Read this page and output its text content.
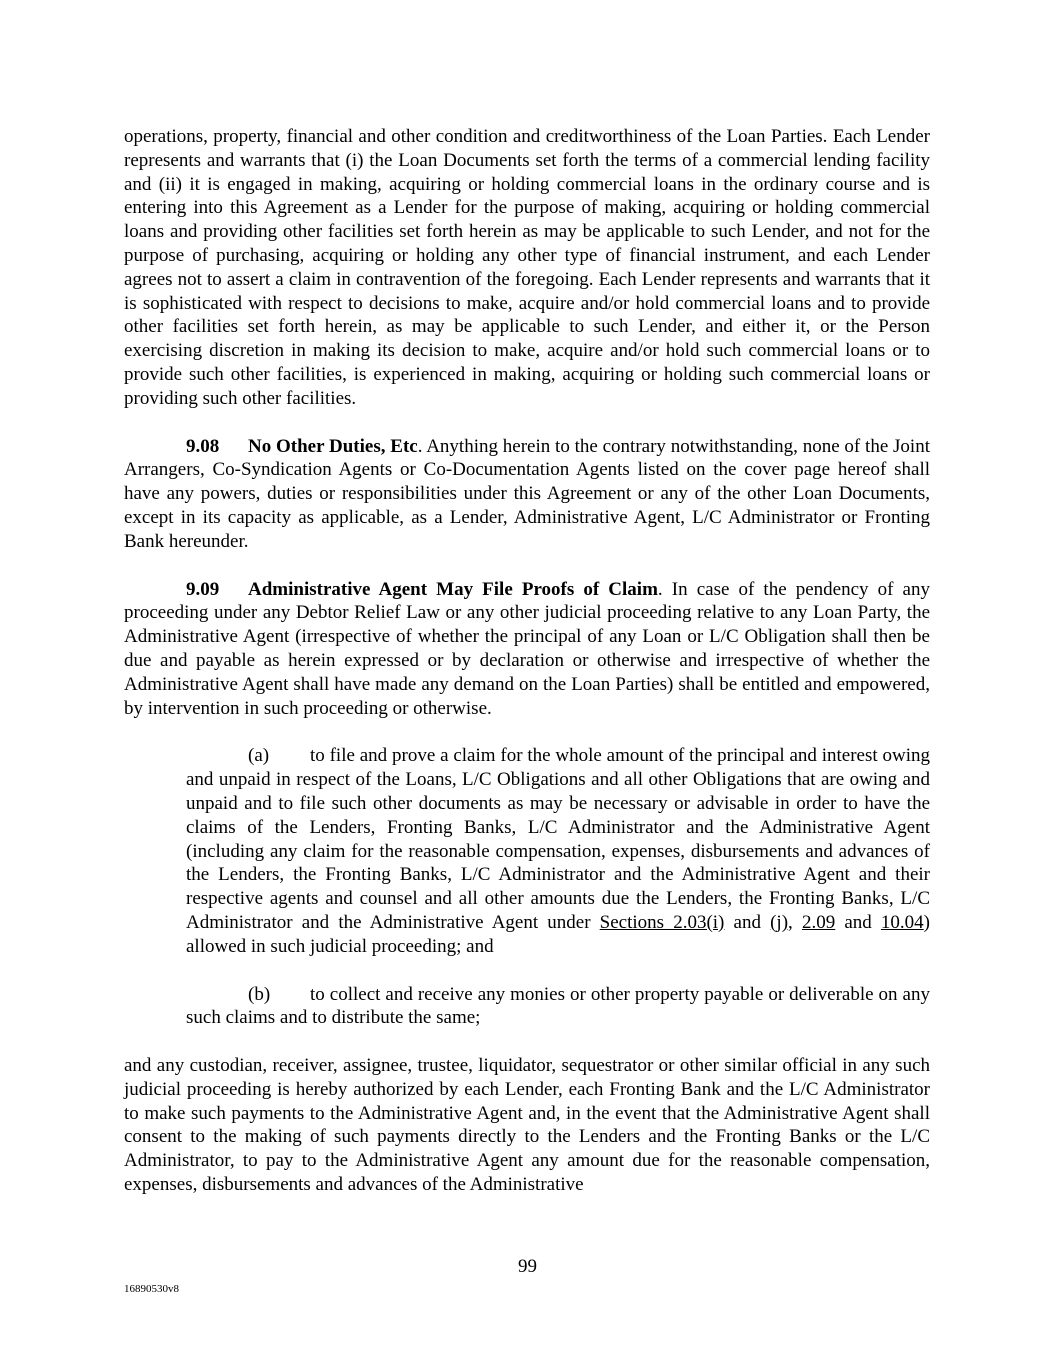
operations, property, financial and other condition and creditworthiness of the Loan Parties. Each Lender represents and warrants that (i) the Loan Documents set forth the terms of a commercial lending facility and (ii) it is engaged in making, acquiring or holding commercial loans in the ordinary course and is entering into this Agreement as a Lender for the purpose of making, acquiring or holding commercial loans and providing other facilities set forth herein as may be applicable to such Lender, and not for the purpose of purchasing, acquiring or holding any other type of financial instrument, and each Lender agrees not to assert a claim in contravention of the foregoing. Each Lender represents and warrants that it is sophisticated with respect to decisions to make, acquire and/or hold commercial loans and to provide other facilities set forth herein, as may be applicable to such Lender, and either it, or the Person exercising discretion in making its decision to make, acquire and/or hold such commercial loans or to provide such other facilities, is experienced in making, acquiring or holding such commercial loans or providing such other facilities.

9.08 No Other Duties, Etc. Anything herein to the contrary notwithstanding, none of the Joint Arrangers, Co-Syndication Agents or Co-Documentation Agents listed on the cover page hereof shall have any powers, duties or responsibilities under this Agreement or any of the other Loan Documents, except in its capacity as applicable, as a Lender, Administrative Agent, L/C Administrator or Fronting Bank hereunder.

9.09 Administrative Agent May File Proofs of Claim. In case of the pendency of any proceeding under any Debtor Relief Law or any other judicial proceeding relative to any Loan Party, the Administrative Agent (irrespective of whether the principal of any Loan or L/C Obligation shall then be due and payable as herein expressed or by declaration or otherwise and irrespective of whether the Administrative Agent shall have made any demand on the Loan Parties) shall be entitled and empowered, by intervention in such proceeding or otherwise.

(a) to file and prove a claim for the whole amount of the principal and interest owing and unpaid in respect of the Loans, L/C Obligations and all other Obligations that are owing and unpaid and to file such other documents as may be necessary or advisable in order to have the claims of the Lenders, Fronting Banks, L/C Administrator and the Administrative Agent (including any claim for the reasonable compensation, expenses, disbursements and advances of the Lenders, the Fronting Banks, L/C Administrator and the Administrative Agent and their respective agents and counsel and all other amounts due the Lenders, the Fronting Banks, L/C Administrator and the Administrative Agent under Sections 2.03(i) and (j), 2.09 and 10.04) allowed in such judicial proceeding; and

(b) to collect and receive any monies or other property payable or deliverable on any such claims and to distribute the same;

and any custodian, receiver, assignee, trustee, liquidator, sequestrator or other similar official in any such judicial proceeding is hereby authorized by each Lender, each Fronting Bank and the L/C Administrator to make such payments to the Administrative Agent and, in the event that the Administrative Agent shall consent to the making of such payments directly to the Lenders and the Fronting Banks or the L/C Administrator, to pay to the Administrative Agent any amount due for the reasonable compensation, expenses, disbursements and advances of the Administrative

99
16890530v8
